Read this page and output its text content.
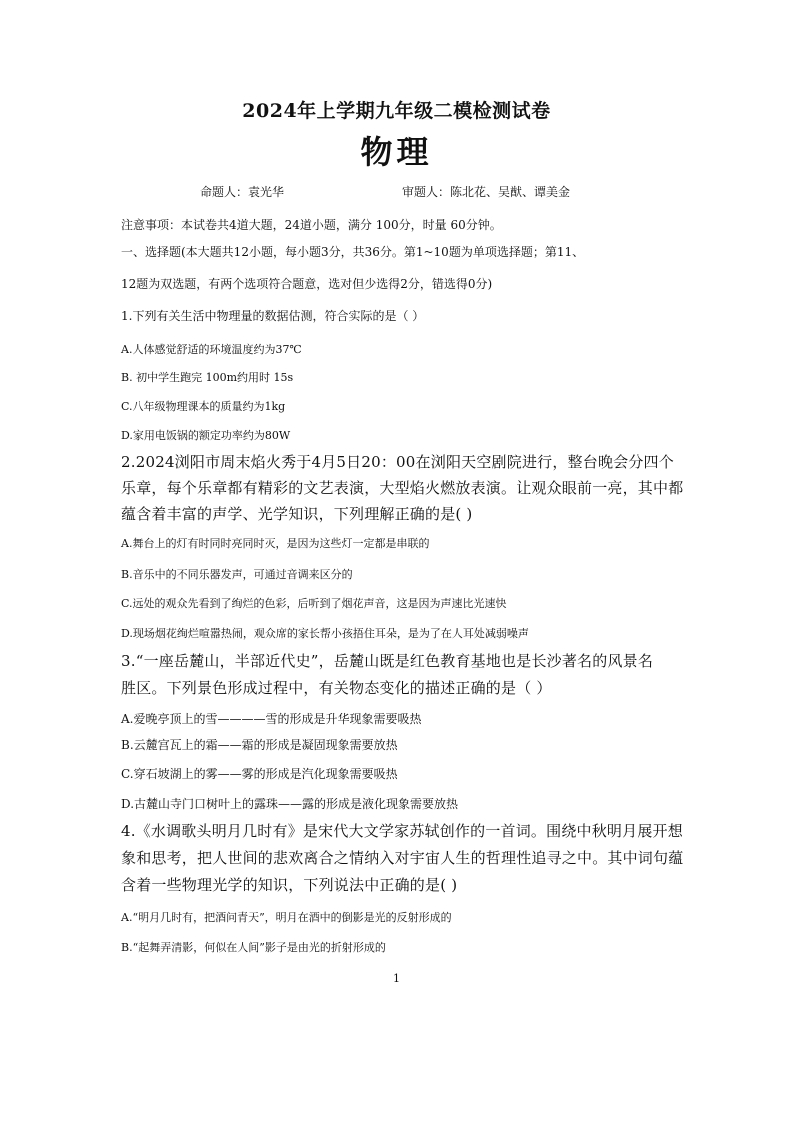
2024年上学期九年级二模检测试卷
物理
命题人：袁光华	审题人：陈北花、吴猷、谭美金
注意事项：本试卷共4道大题，24道小题，满分 100分，时量 60分钟。
一、选择题(本大题共12小题，每小题3分，共36分。第1~10题为单项选择题；第11、
12题为双选题，有两个选项符合题意，选对但少选得2分，错选得0分)
1.下列有关生活中物理量的数据估测，符合实际的是（ ）
A.人体感觉舒适的环境温度约为37℃
B. 初中学生跑完 100m约用时 15s
C.八年级物理课本的质量约为1kg
D.家用电饭锅的额定功率约为80W
2.2024浏阳市周末焰火秀于4月5日20：00在浏阳天空剧院进行，整台晚会分四个
乐章，每个乐章都有精彩的文艺表演，大型焰火燃放表演。让观众眼前一亮，其中都
蕴含着丰富的声学、光学知识，下列理解正确的是( )
A.舞台上的灯有时同时亮同时灭，是因为这些灯一定都是串联的
B.音乐中的不同乐器发声，可通过音调来区分的
C.远处的观众先看到了绚烂的色彩，后听到了烟花声音，这是因为声速比光速快
D.现场烟花绚烂喧嚣热闹，观众席的家长帮小孩捂住耳朵，是为了在人耳处减弱噪声
3.“一座岳麓山，半部近代史”，岳麓山既是红色教育基地也是长沙著名的风景名
胜区。下列景色形成过程中，有关物态变化的描述正确的是（ ）
A.爱晚亭顶上的雪————雪的形成是升华现象需要吸热
B.云麓宫瓦上的霜——霜的形成是凝固现象需要放热
C.穿石坡湖上的雾——雾的形成是汽化现象需要吸热
D.古麓山寺门口树叶上的露珠——露的形成是液化现象需要放热
4.《水调歌头明月几时有》是宋代大文学家苏轼创作的一首词。围绕中秋明月展开想
象和思考，把人世间的悲欢离合之情纳入对宇宙人生的哲理性追寻之中。其中词句蕴
含着一些物理光学的知识，下列说法中正确的是( )
A.“明月几时有，把酒问青天”，明月在酒中的倒影是光的反射形成的
B.“起舞弄清影，何似在人间”影子是由光的折射形成的
1
